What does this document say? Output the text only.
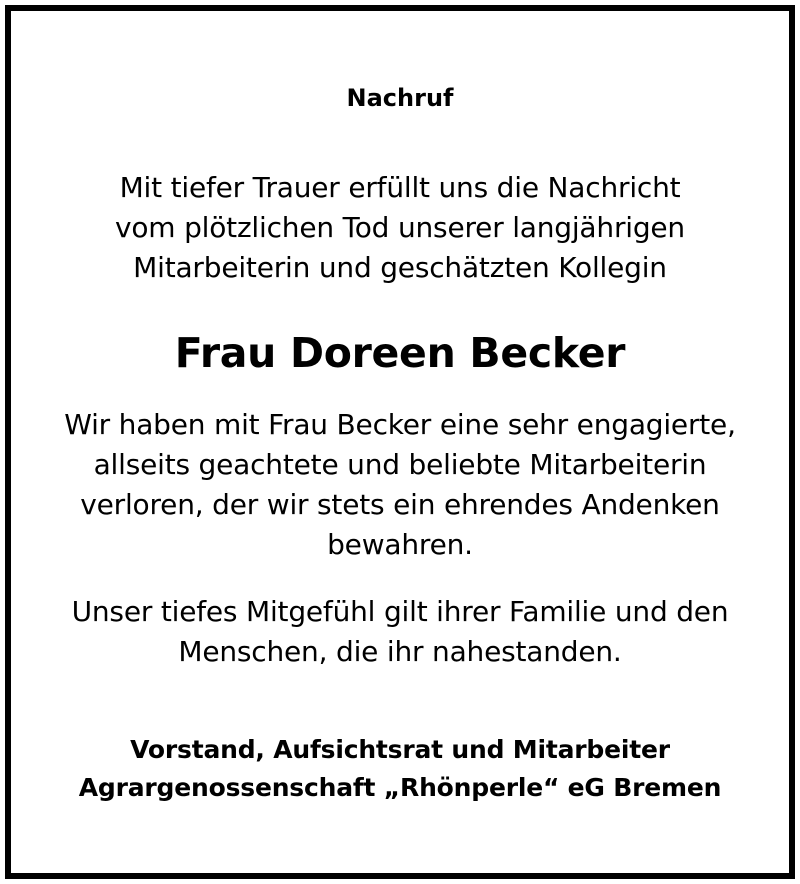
Nachruf
Mit tiefer Trauer erfüllt uns die Nachricht
vom plötzlichen Tod unserer langjährigen
Mitarbeiterin und geschätzten Kollegin
Frau Doreen Becker
Wir haben mit Frau Becker eine sehr engagierte,
allseits geachtete und beliebte Mitarbeiterin
verloren, der wir stets ein ehrendes Andenken
bewahren.
Unser tiefes Mitgefühl gilt ihrer Familie und den
Menschen, die ihr nahestanden.
Vorstand, Aufsichtsrat und Mitarbeiter
Agrargenossenschaft „Rhönperle“ eG Bremen
